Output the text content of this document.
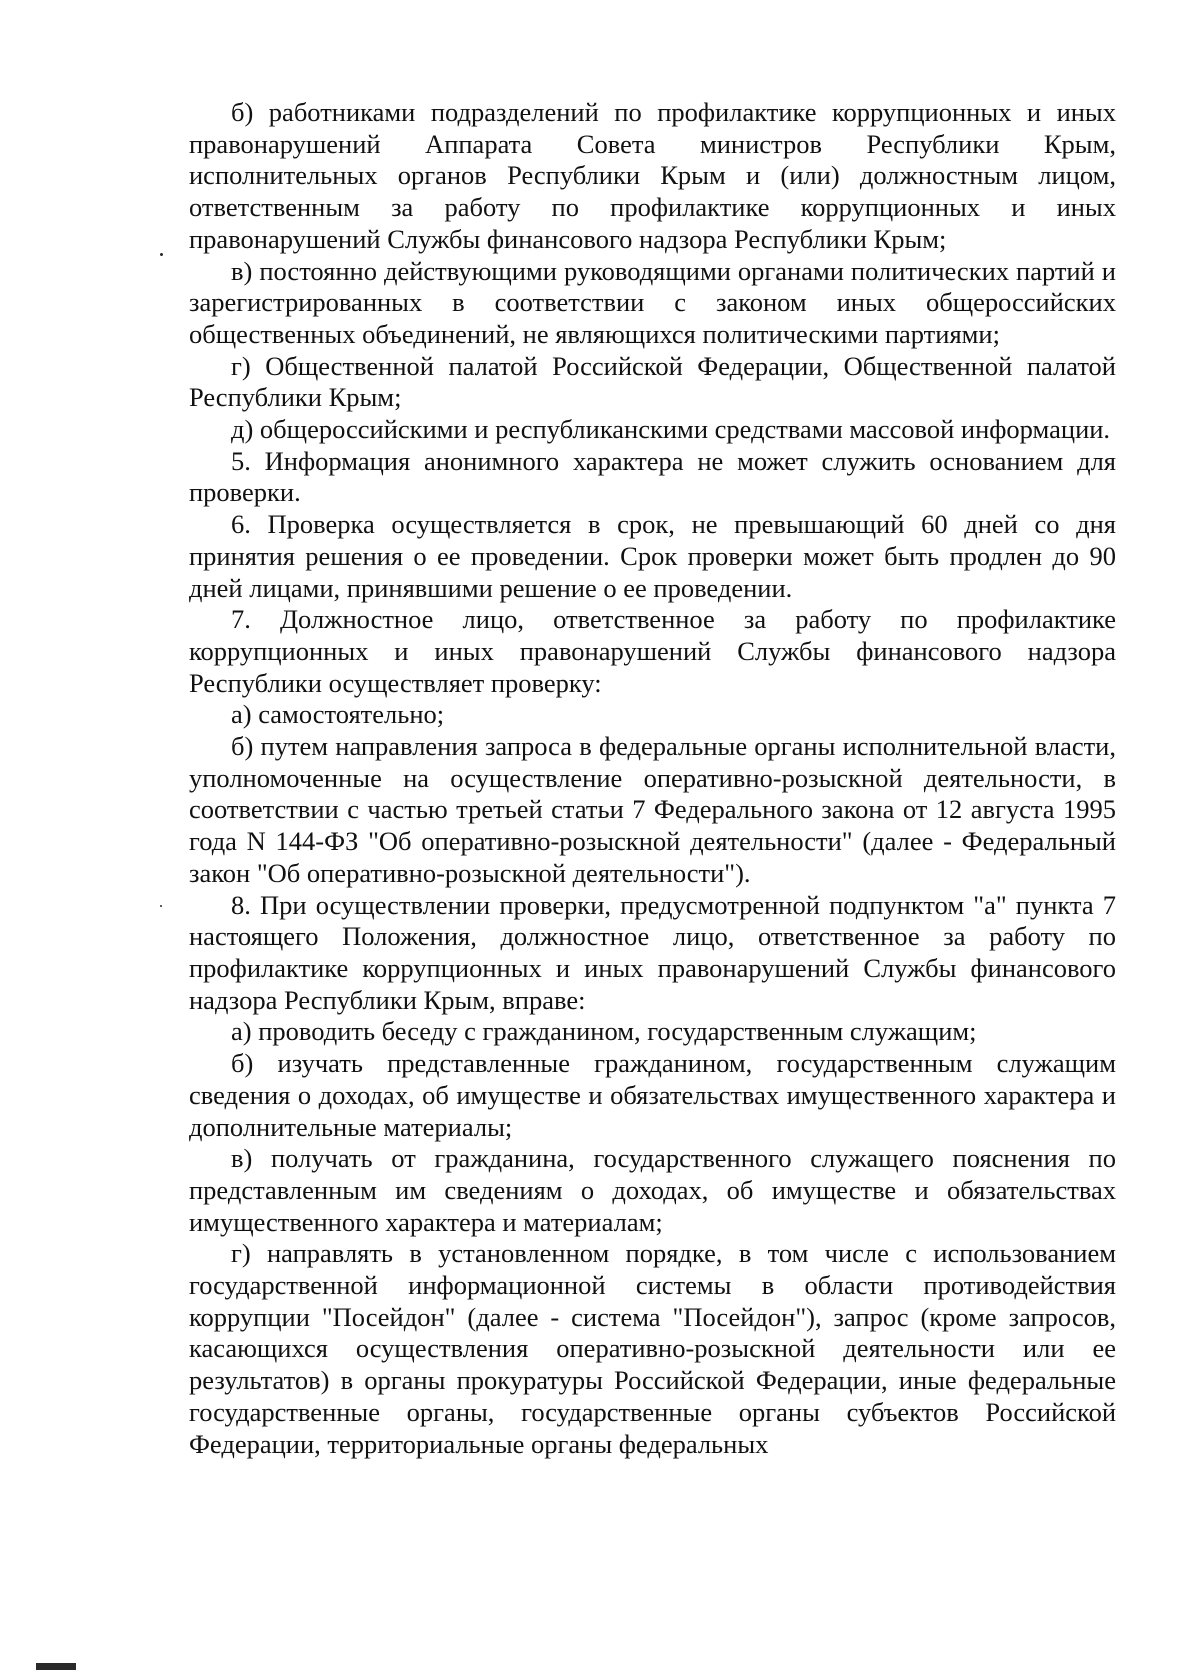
б) работниками подразделений по профилактике коррупционных и иных правонарушений Аппарата Совета министров Республики Крым, исполнительных органов Республики Крым и (или) должностным лицом, ответственным за работу по профилактике коррупционных и иных правонарушений Службы финансового надзора Республики Крым;

в) постоянно действующими руководящими органами политических партий и зарегистрированных в соответствии с законом иных общероссийских общественных объединений, не являющихся политическими партиями;

г) Общественной палатой Российской Федерации, Общественной палатой Республики Крым;

д) общероссийскими и республиканскими средствами массовой информации.

5. Информация анонимного характера не может служить основанием для проверки.

6. Проверка осуществляется в срок, не превышающий 60 дней со дня принятия решения о ее проведении. Срок проверки может быть продлен до 90 дней лицами, принявшими решение о ее проведении.

7. Должностное лицо, ответственное за работу по профилактике коррупционных и иных правонарушений Службы финансового надзора Республики осуществляет проверку:

а) самостоятельно;

б) путем направления запроса в федеральные органы исполнительной власти, уполномоченные на осуществление оперативно-розыскной деятельности, в соответствии с частью третьей статьи 7 Федерального закона от 12 августа 1995 года N 144-ФЗ "Об оперативно-розыскной деятельности" (далее - Федеральный закон "Об оперативно-розыскной деятельности").

8. При осуществлении проверки, предусмотренной подпунктом "а" пункта 7 настоящего Положения, должностное лицо, ответственное за работу по профилактике коррупционных и иных правонарушений Службы финансового надзора Республики Крым, вправе:

а) проводить беседу с гражданином, государственным служащим;

б) изучать представленные гражданином, государственным служащим сведения о доходах, об имуществе и обязательствах имущественного характера и дополнительные материалы;

в) получать от гражданина, государственного служащего пояснения по представленным им сведениям о доходах, об имуществе и обязательствах имущественного характера и материалам;

г) направлять в установленном порядке, в том числе с использованием государственной информационной системы в области противодействия коррупции "Посейдон" (далее - система "Посейдон"), запрос (кроме запросов, касающихся осуществления оперативно-розыскной деятельности или ее результатов) в органы прокуратуры Российской Федерации, иные федеральные государственные органы, государственные органы субъектов Российской Федерации, территориальные органы федеральных
